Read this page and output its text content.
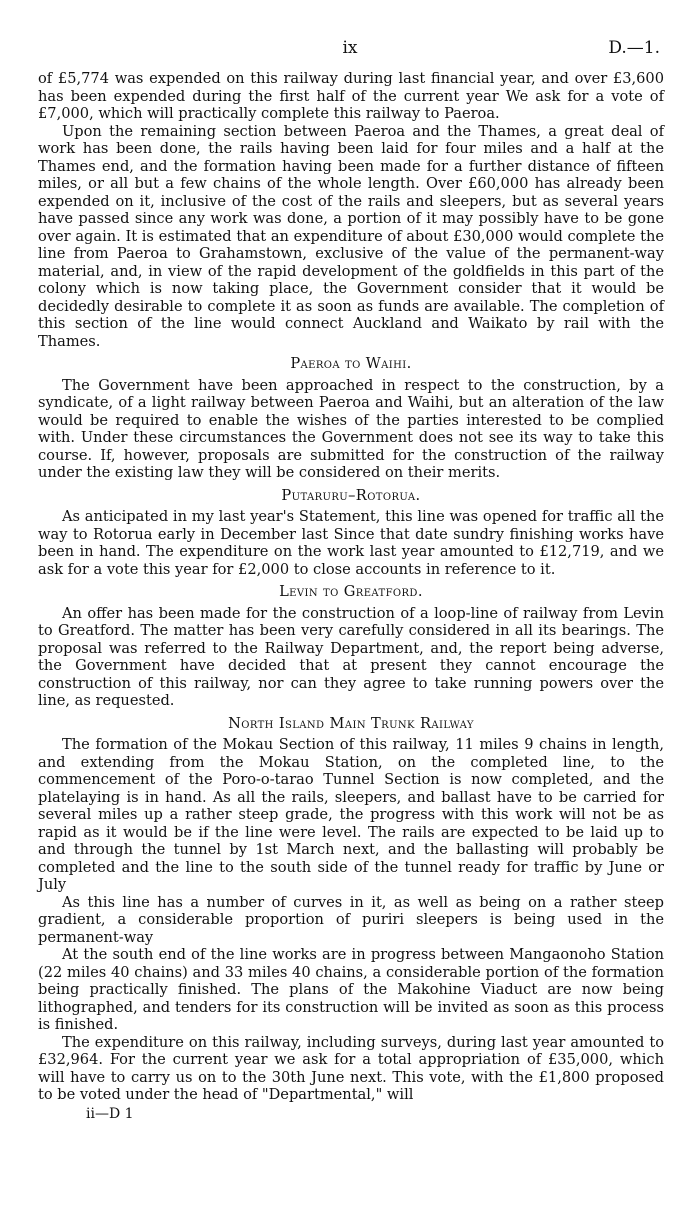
ix	D.—1.

of £5,774 was expended on this railway during last financial year, and over £3,600 has been expended during the first half of the current year We ask for a vote of £7,000, which will practically complete this railway to Paeroa.

Upon the remaining section between Paeroa and the Thames, a great deal of work has been done, the rails having been laid for four miles and a half at the Thames end, and the formation having been made for a further distance of fifteen miles, or all but a few chains of the whole length. Over £60,000 has already been expended on it, inclusive of the cost of the rails and sleepers, but as several years have passed since any work was done, a portion of it may possibly have to be gone over again. It is estimated that an expenditure of about £30,000 would complete the line from Paeroa to Grahamstown, exclusive of the value of the permanent-way material, and, in view of the rapid development of the goldfields in this part of the colony which is now taking place, the Government consider that it would be decidedly desirable to complete it as soon as funds are available. The completion of this section of the line would connect Auckland and Waikato by rail with the Thames.

Paeroa to Waihi.

The Government have been approached in respect to the construction, by a syndicate, of a light railway between Paeroa and Waihi, but an alteration of the law would be required to enable the wishes of the parties interested to be complied with. Under these circumstances the Government does not see its way to take this course. If, however, proposals are submitted for the construction of the railway under the existing law they will be considered on their merits.

Putaruru–Rotorua.

As anticipated in my last year's Statement, this line was opened for traffic all the way to Rotorua early in December last Since that date sundry finishing works have been in hand. The expenditure on the work last year amounted to £12,719, and we ask for a vote this year for £2,000 to close accounts in reference to it.

Levin to Greatford.

An offer has been made for the construction of a loop-line of railway from Levin to Greatford. The matter has been very carefully considered in all its bearings. The proposal was referred to the Railway Department, and, the report being adverse, the Government have decided that at present they cannot encourage the construction of this railway, nor can they agree to take running powers over the line, as requested.

North Island Main Trunk Railway

The formation of the Mokau Section of this railway, 11 miles 9 chains in length, and extending from the Mokau Station, on the completed line, to the commencement of the Poro-o-tarao Tunnel Section is now completed, and the platelaying is in hand. As all the rails, sleepers, and ballast have to be carried for several miles up a rather steep grade, the progress with this work will not be as rapid as it would be if the line were level. The rails are expected to be laid up to and through the tunnel by 1st March next, and the ballasting will probably be completed and the line to the south side of the tunnel ready for traffic by June or July

As this line has a number of curves in it, as well as being on a rather steep gradient, a considerable proportion of puriri sleepers is being used in the permanent-way

At the south end of the line works are in progress between Mangaonoho Station (22 miles 40 chains) and 33 miles 40 chains, a considerable portion of the formation being practically finished. The plans of the Makohine Viaduct are now being lithographed, and tenders for its construction will be invited as soon as this process is finished.

The expenditure on this railway, including surveys, during last year amounted to £32,964. For the current year we ask for a total appropriation of £35,000, which will have to carry us on to the 30th June next. This vote, with the £1,800 proposed to be voted under the head of "Departmental," will

ii—D 1
